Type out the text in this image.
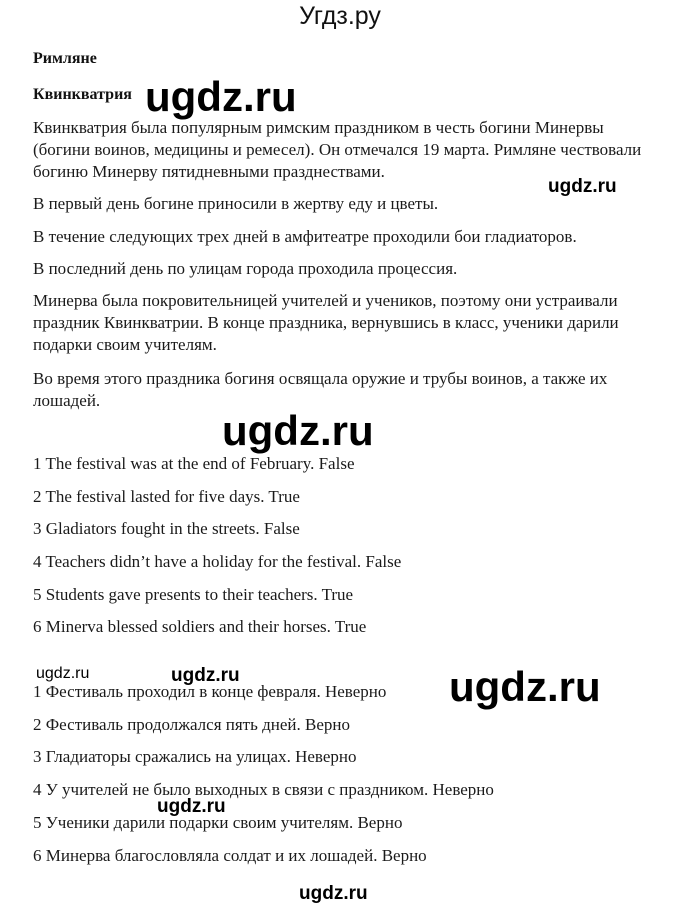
Угдз.ру
Римляне
Квинкватрия

Квинкватрия была популярным римским праздником в честь богини Минервы (богини воинов, медицины и ремесел). Он отмечался 19 марта. Римляне чествовали богиню Минерву пятидневными празднествами.

В первый день богине приносили в жертву еду и цветы.

В течение следующих трех дней в амфитеатре проходили бои гладиаторов.

В последний день по улицам города проходила процессия.

Минерва была покровительницей учителей и учеников, поэтому они устраивали праздник Квинкватрии. В конце праздника, вернувшись в класс, ученики дарили подарки своим учителям.

Во время этого праздника богиня освящала оружие и трубы воинов, а также их лошадей.

1 The festival was at the end of February. False
2 The festival lasted for five days. True
3 Gladiators fought in the streets. False
4 Teachers didn’t have a holiday for the festival. False
5 Students gave presents to their teachers. True
6 Minerva blessed soldiers and their horses. True
1 Фестиваль проходил в конце февраля. Неверно
2 Фестиваль продолжался пять дней. Верно
3 Гладиаторы сражались на улицах. Неверно
4 У учителей не было выходных в связи с праздником. Неверно
5 Ученики дарили подарки своим учителям. Верно
6 Минерва благословляла солдат и их лошадей. Верно
ugdz.ru
ugdz.ru
ugdz.ru
ugdz.ru	ugdz.ru	ugdz.ru
ugdz.ru
ugdz.ru
